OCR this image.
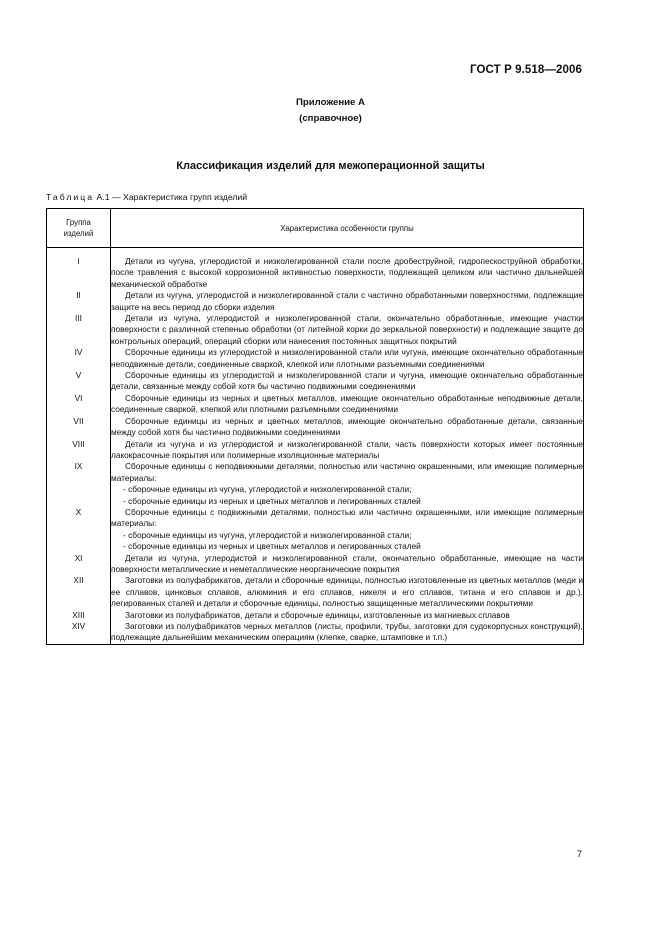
ГОСТ Р 9.518—2006
Приложение А
(справочное)
Классификация изделий для межоперационной защиты
Таблица А.1 — Характеристика групп изделий
Группа
изделий	Характеристика особенности группы
I	Детали из чугуна, углеродистой и низколегированной стали после дробеструйной, гидропескоструйной обработки, после травления с высокой коррозионной активностью поверхности, подлежащей целиком или частично дальнейшей механической обработке

II	Детали из чугуна, углеродистой и низколегированной стали с частично обработанными поверхностями, подлежащие защите на весь период до сборки изделия

III	Детали из чугуна, углеродистой и низколегированной стали, окончательно обработанные, имеющие участки поверхности с различной степенью обработки (от литейной корки до зеркальной поверхности) и подлежащие защите до контрольных операций, операций сборки или нанесения постоянных защитных покрытий

IV	Сборочные единицы из углеродистой и низколегированной стали или чугуна, имеющие окончательно обработанные неподвижные детали, соединенные сваркой, клепкой или плотными разъемными соединениями

V	Сборочные единицы из углеродистой и низколегированной стали и чугуна, имеющие окончательно обработанные детали, связанные между собой хотя бы частично подвижными соединениями

VI	Сборочные единицы из черных и цветных металлов, имеющие окончательно обработанные неподвижные детали, соединенные сваркой, клепкой или плотными разъемными соединениями

VII	Сборочные единицы из черных и цветных металлов, имеющие окончательно обработанные детали, связанные между собой хотя бы частично подвижными соединениями

VIII	Детали из чугуна и из углеродистой и низколегированной стали, часть поверхности которых имеет постоянные лакокрасочные покрытия или полимерные изоляционные материалы

IX	Сборочные единицы с неподвижными деталями, полностью или частично окрашенными, или имеющие полимерные материалы:
- сборочные единицы из чугуна, углеродистой и низколегированной стали;
- сборочные единицы из черных и цветных металлов и легированных сталей

X	Сборочные единицы с подвижными деталями, полностью или частично окрашенными, или имеющие полимерные материалы:
- сборочные единицы из чугуна, углеродистой и низколегированной стали;
- сборочные единицы из черных и цветных металлов и легированных сталей

XI	Детали из чугуна, углеродистой и низколегированной стали, окончательно обработанные, имеющие на части поверхности металлические и неметаллические неорганические покрытия

XII	Заготовки из полуфабрикатов, детали и сборочные единицы, полностью изготовленные из цветных металлов (меди и ее сплавов, цинковых сплавов, алюминия и его сплавов, никеля и его сплавов, титана и его сплавов и др.), легированных сталей и детали и сборочные единицы, полностью защищенные металлическими покрытиями

XIII	Заготовки из полуфабрикатов, детали и сборочные единицы, изготовленные из магниевых сплавов

XIV	Заготовки из полуфабрикатов черных металлов (листы, профили, трубы, заготовки для судокорпусных конструкций), подлежащие дальнейшим механическим операциям (клепке, сварке, штамповке и т.п.)
7
